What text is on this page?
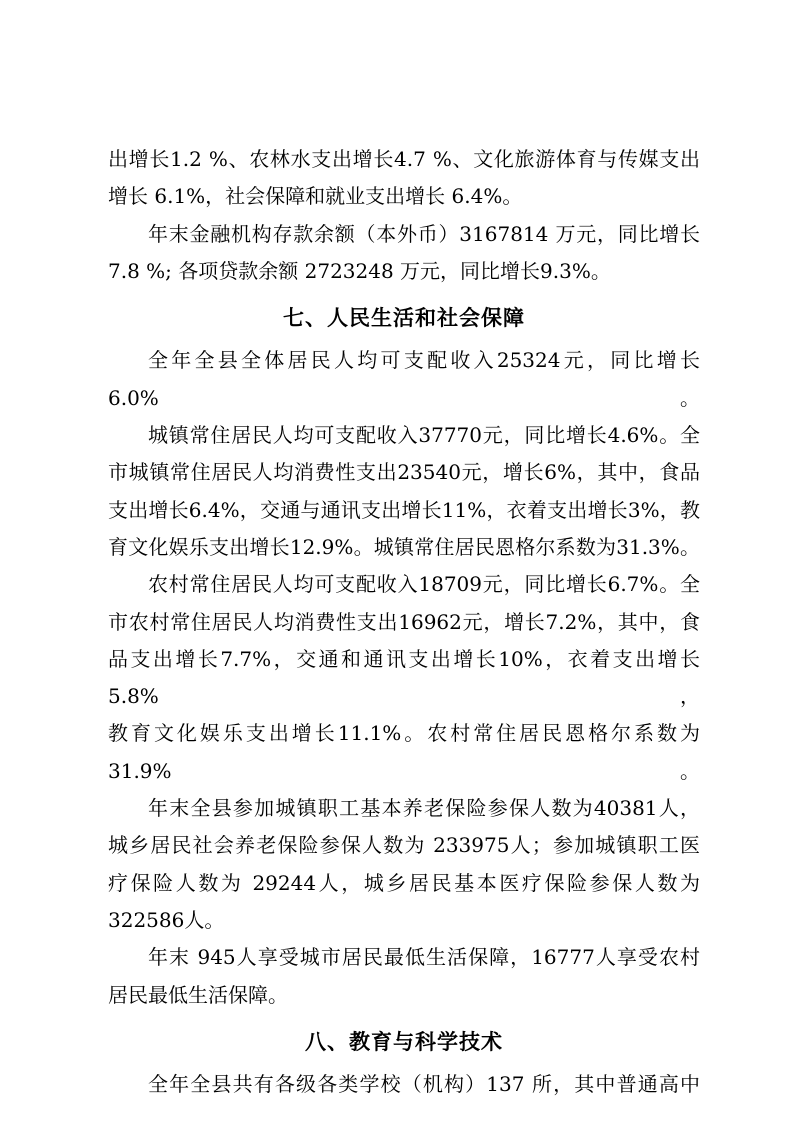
出增长1.2 %、农林水支出增长4.7 %、文化旅游体育与传媒支出
增长 6.1%，社会保障和就业支出增长 6.4%。
年末金融机构存款余额（本外币）3167814 万元，同比增长
7.8 %; 各项贷款余额 2723248 万元，同比增长9.3%。
七、人民生活和社会保障
全年全县全体居民人均可支配收入25324元，同比增长6.0%。
城镇常住居民人均可支配收入37770元，同比增长4.6%。全
市城镇常住居民人均消费性支出23540元，增长6%，其中，食品
支出增长6.4%，交通与通讯支出增长11%，衣着支出增长3%，教
育文化娱乐支出增长12.9%。城镇常住居民恩格尔系数为31.3%。
农村常住居民人均可支配收入18709元，同比增长6.7%。全
市农村常住居民人均消费性支出16962元，增长7.2%，其中，食
品支出增长7.7%，交通和通讯支出增长10%，衣着支出增长5.8%，
教育文化娱乐支出增长11.1%。农村常住居民恩格尔系数为31.9%。
年末全县参加城镇职工基本养老保险参保人数为40381人，
城乡居民社会养老保险参保人数为 233975人；参加城镇职工医
疗保险人数为 29244人，城乡居民基本医疗保险参保人数为
322586人。
年末 945人享受城市居民最低生活保障，16777人享受农村
居民最低生活保障。
八、教育与科学技术
全年全县共有各级各类学校（机构）137 所，其中普通高中
